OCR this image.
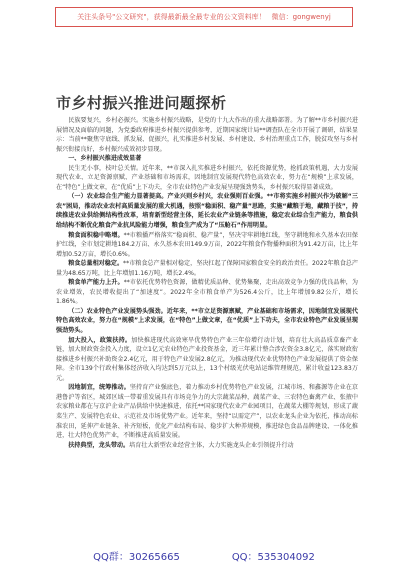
关注头条号"公文研究"，获得最新最全最专业的公文资料库！ 微信：gongwenyj
市乡村振兴推进问题探析

民族要复兴，乡村必振兴。实施乡村振兴战略，是党的十九大作出的重大战略部署。为了解**市乡村振兴进展情况及面临的问题，为党委政府推进乡村振兴提供参考，近期国家统计局**调查队在全市开展了调研，结果显示：当前**聚焦守底线、抓发展、促振兴，扎实推进乡村发展、乡村建设、乡村治理重点工作，脱贫攻坚与乡村振兴衔接良好，乡村振兴成效初步显现。

一、乡村振兴推进成效显著

民生无小事，枝叶总关情。近年来，**市深入扎实推进乡村振兴，依托资源优势，抢抓政策机遇，大力发展现代农业、立足资源禀赋、产业基础和市场需求，因地制宜发展现代特色高效农业，努力在“规模”上求发展，在“特色”上做文章，在“优质”上下功夫，全市农业特色产业发展呈现强劲势头，乡村振兴取得显著成效。

（一）农业综合生产能力显著提高。产业兴则乡村兴，农业强则百业强。**市将实施乡村振兴作为破解“三农”困局，推动农业农村高质量发展的重大机遇，按照“稳面积、稳产量”思路，实施“藏粮于地，藏粮于技”，持续推进农业供给侧结构性改革，培育新型经营主体，延长农业产业链条等措施，稳定农业综合生产能力，粮食供给结构不断优化粮食产业抗风险能力增强，粮食生产成为了“压舱石”作用明显。

粮食面积稳中略增。**市粮播严格落实“稳面积、稳产量”，坚决守牢耕地红线，坚守耕地和永久基本农田保护红线，全市划定耕地184.2万亩、永久基本农田149.9万亩，2022年粮食作物播种面积为91.42万亩，比上年增加0.52万亩，增长0.6%。

粮食总量相对稳定。**市粮食总产量相对稳定，坚决扛起了保障国家粮食安全的政治责任。2022年粮食总产量为48.65万吨，比上年增加1.16万吨，增长2.4%。

粮食单产能力上升。**市依托优势特色资源，做精优质品种、优势集聚，走出高效竞争力强的优良品种，为农业增效，农民增收提出了“加速度”。2022年全市粮食单产为526.4公斤，比上年增加9.82公斤，增长1.86%。

（二）农业特色产业发展势头强劲。近年来，**市立足资源禀赋，产业基础和市场需求，因地制宜发展现代特色高效农业，努力在“规模”上求发展，在“特色”上做文章，在“优质”上下功夫，全市农业特色产业发展呈现强劲势头。

加大投入，政策扶持。加快推进现代高效寒旱优势特色产业三年倍增行动计划，培育壮大高品质草畜产业链，加大财政资金投入力度，设立1亿元农业特色产业投资基金，近三年累计整合涉农资金3.8亿元，落实财政衔接推进乡村振兴补助资金2.4亿元，用于特色产业发展2.8亿元，为推动现代农业优势特色产业发展提供了资金保障。全市139个行政村集体经济收入均达到5万元以上，13个村级光伏电站运维管理规范，累计收益123.83万元。

因地制宜，统筹推动。坚持育产业强底色，着力推动乡村优势特色产业发展，江城市场、和鑫源等企业在京港鲁沪等省区，城郊区域一带着重发展具有市场竞争力的大宗蔬菜品种，蔬菜产业、三农特色畜禽产业、张掖中农家粮业都在与京沪企业产品供给中快速推进，依托**国家现代农业产业园项目，在蔬菜大棚等规划，形成了蔬菜生产、发展特色农业、示范社及市场优势产业。近年来，坚持“以需定产”，以农业龙头企业为依托，推动高标准农田，延伸产业链条、补齐短板，优化产业结构布局、稳步扩大种养规模，推进绿色食品品牌建设、一体化推进，壮大特色优势产业，不断推进高质量发展。

扶持典型，龙头带动。培育壮大新型农业经营主体，大力实施龙头企业引领提升行动

QQ群：30265665	QQ：535304092
